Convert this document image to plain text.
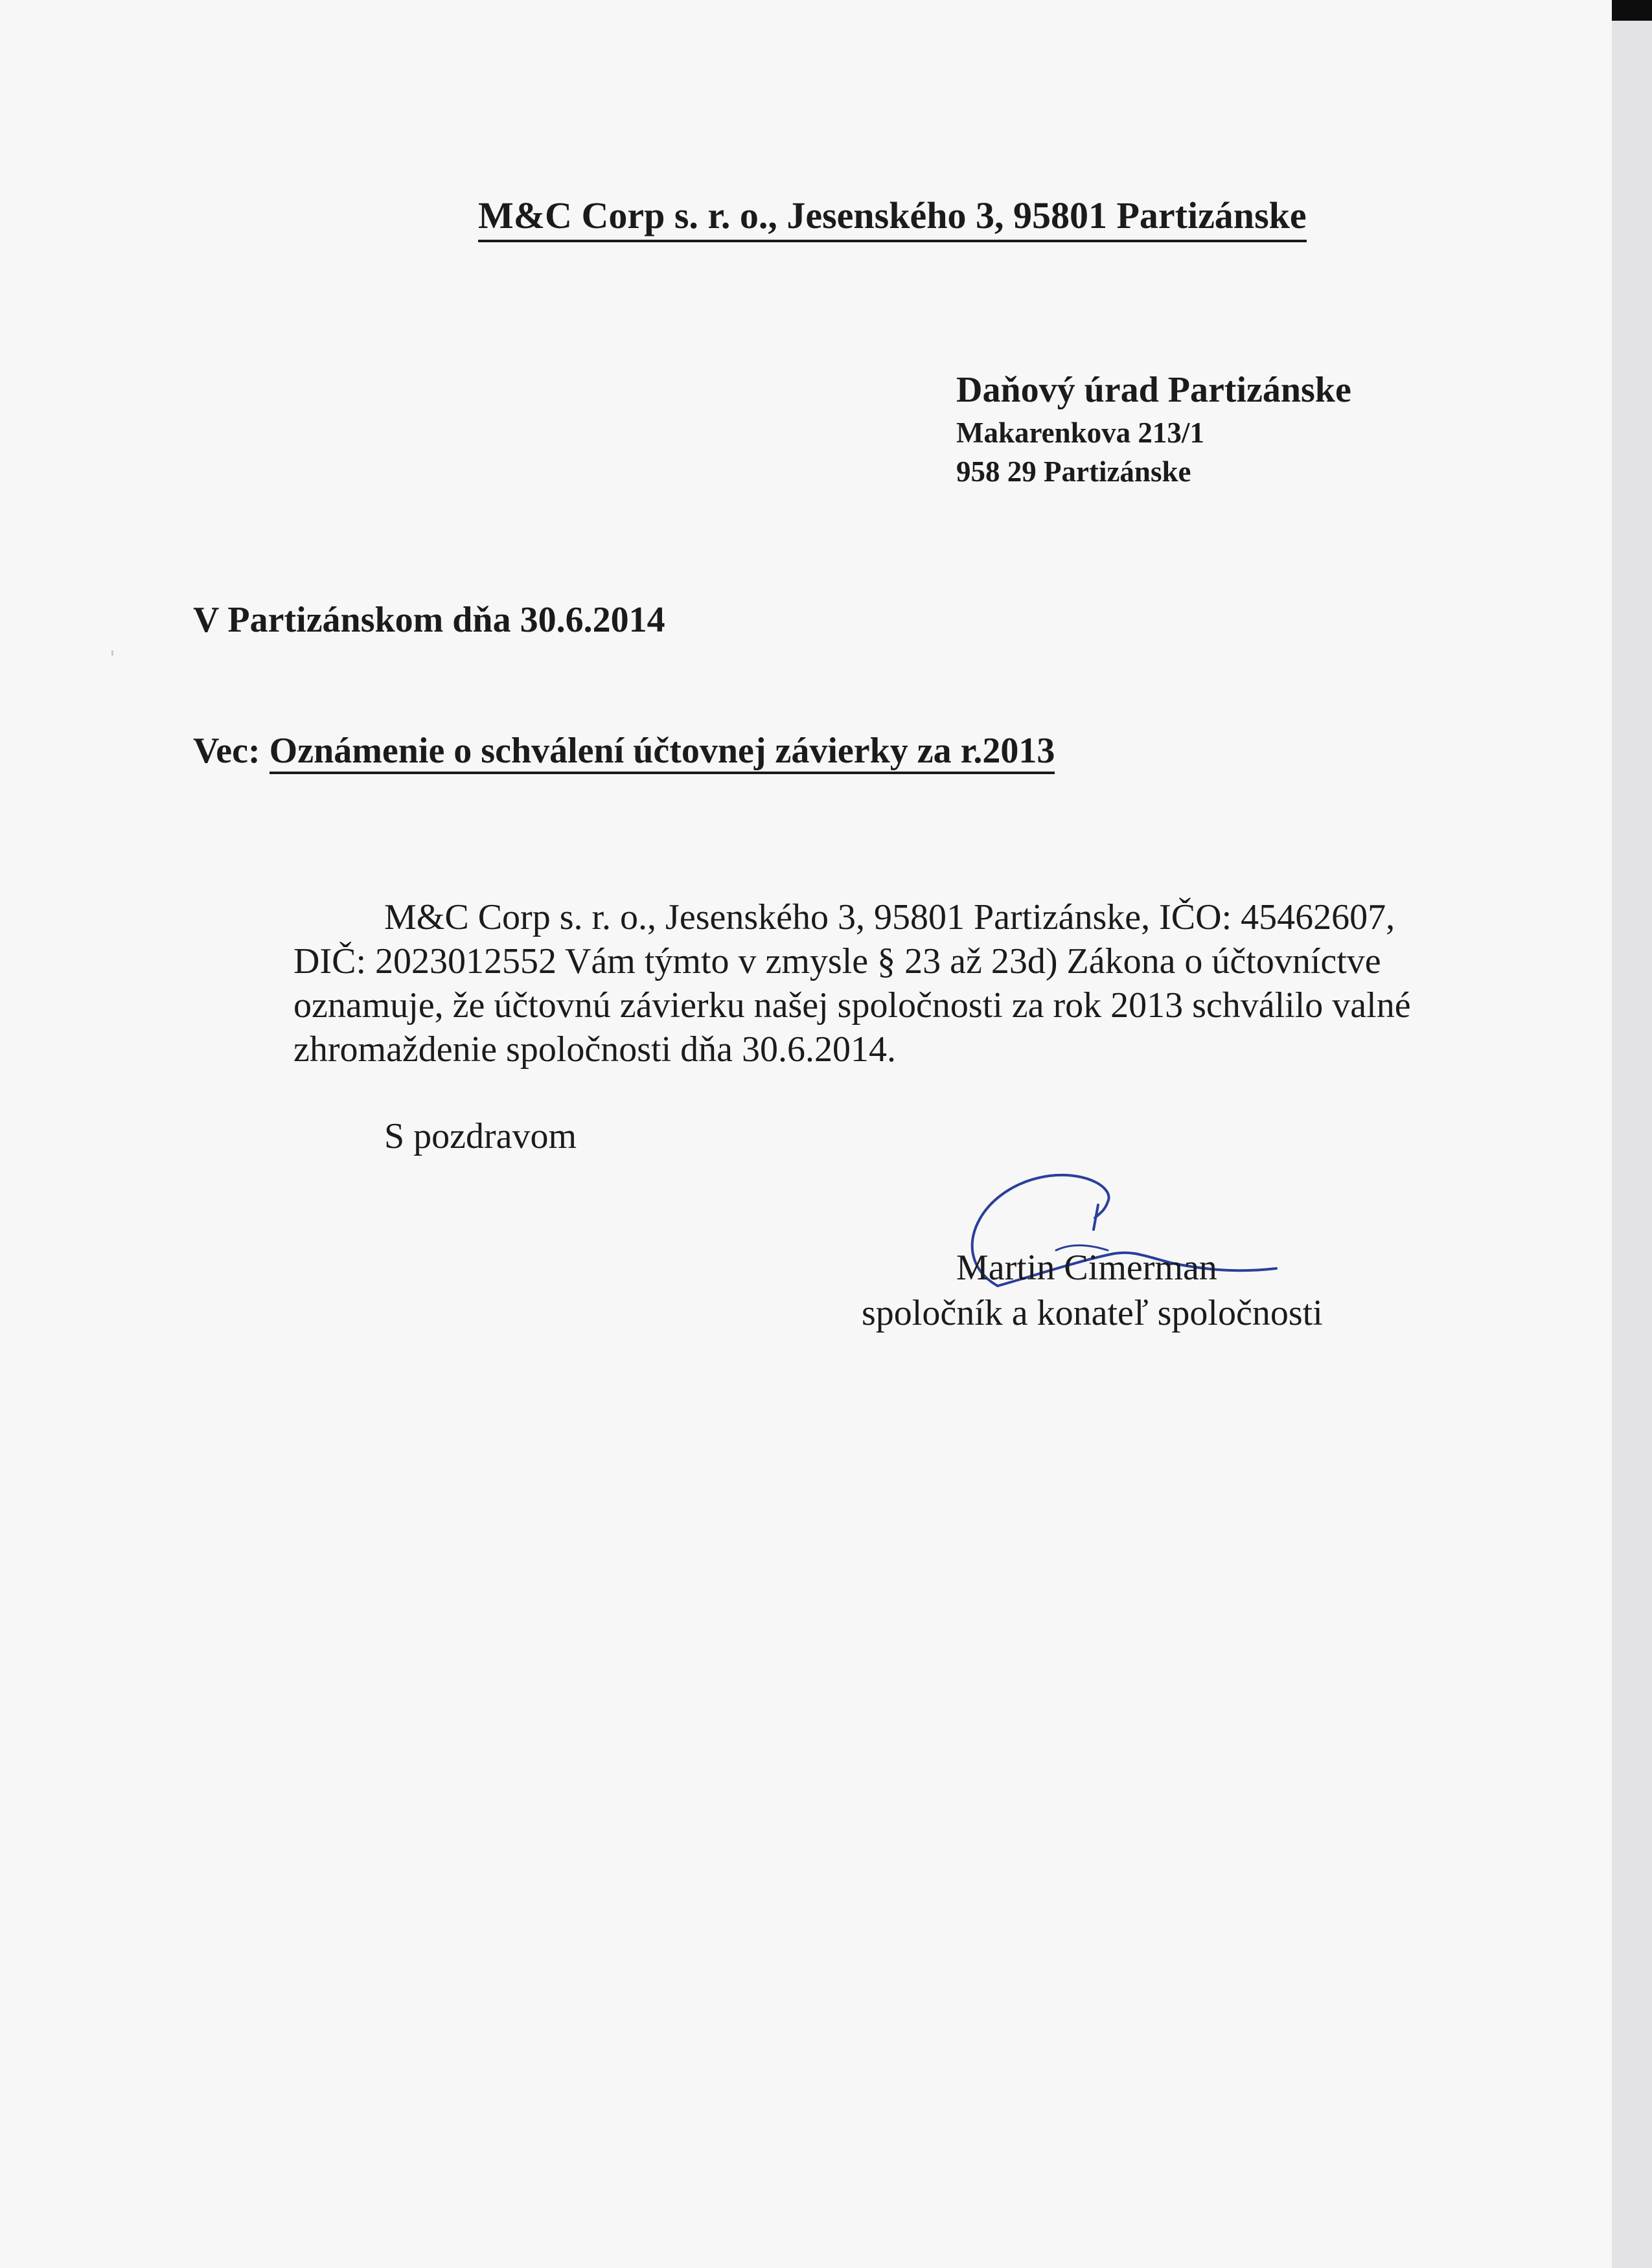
M&C Corp s. r. o., Jesenského 3, 95801 Partizánske
Daňový úrad Partizánske
Makarenkova 213/1
958 29 Partizánske
V Partizánskom dňa 30.6.2014
Vec: Oznámenie o schválení účtovnej závierky za r.2013
M&C Corp s. r. o., Jesenského 3, 95801 Partizánske, IČO: 45462607, DIČ: 2023012552 Vám týmto v zmysle § 23 až 23d) Zákona o účtovníctve oznamuje, že účtovnú závierku našej spoločnosti za rok 2013 schválilo valné zhromaždenie spoločnosti dňa 30.6.2014.
S pozdravom
Martin Cimerman
spoločník a konateľ spoločnosti
